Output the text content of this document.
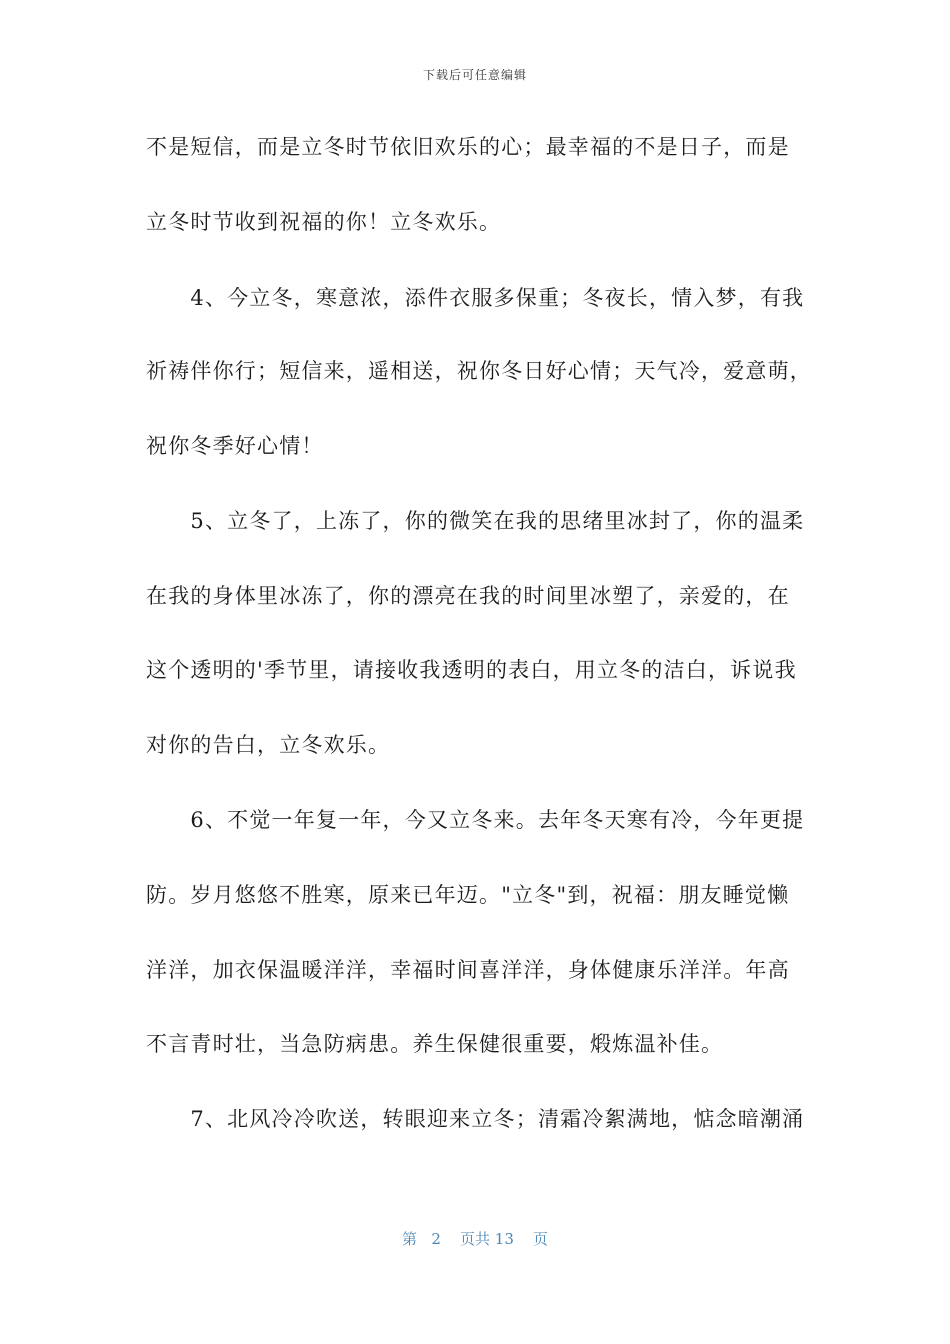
下载后可任意编辑
不是短信，而是立冬时节依旧欢乐的心；最幸福的不是日子，而是
立冬时节收到祝福的你！立冬欢乐。
　　4、今立冬，寒意浓，添件衣服多保重；冬夜长，情入梦，有我
祈祷伴你行；短信来，遥相送，祝你冬日好心情；天气冷，爱意萌，
祝你冬季好心情！
　　5、立冬了，上冻了，你的微笑在我的思绪里冰封了，你的温柔
在我的身体里冰冻了，你的漂亮在我的时间里冰塑了，亲爱的，在
这个透明的'季节里，请接收我透明的表白，用立冬的洁白，诉说我
对你的告白，立冬欢乐。
　　6、不觉一年复一年，今又立冬来。去年冬天寒有冷，今年更提
防。岁月悠悠不胜寒，原来已年迈。"立冬"到，祝福：朋友睡觉懒
洋洋，加衣保温暖洋洋，幸福时间喜洋洋，身体健康乐洋洋。年高
不言青时壮，当急防病患。养生保健很重要，煅炼温补佳。
　　7、北风冷冷吹送，转眼迎来立冬；清霜冷絮满地，惦念暗潮涌
第 2 页共 13 页
